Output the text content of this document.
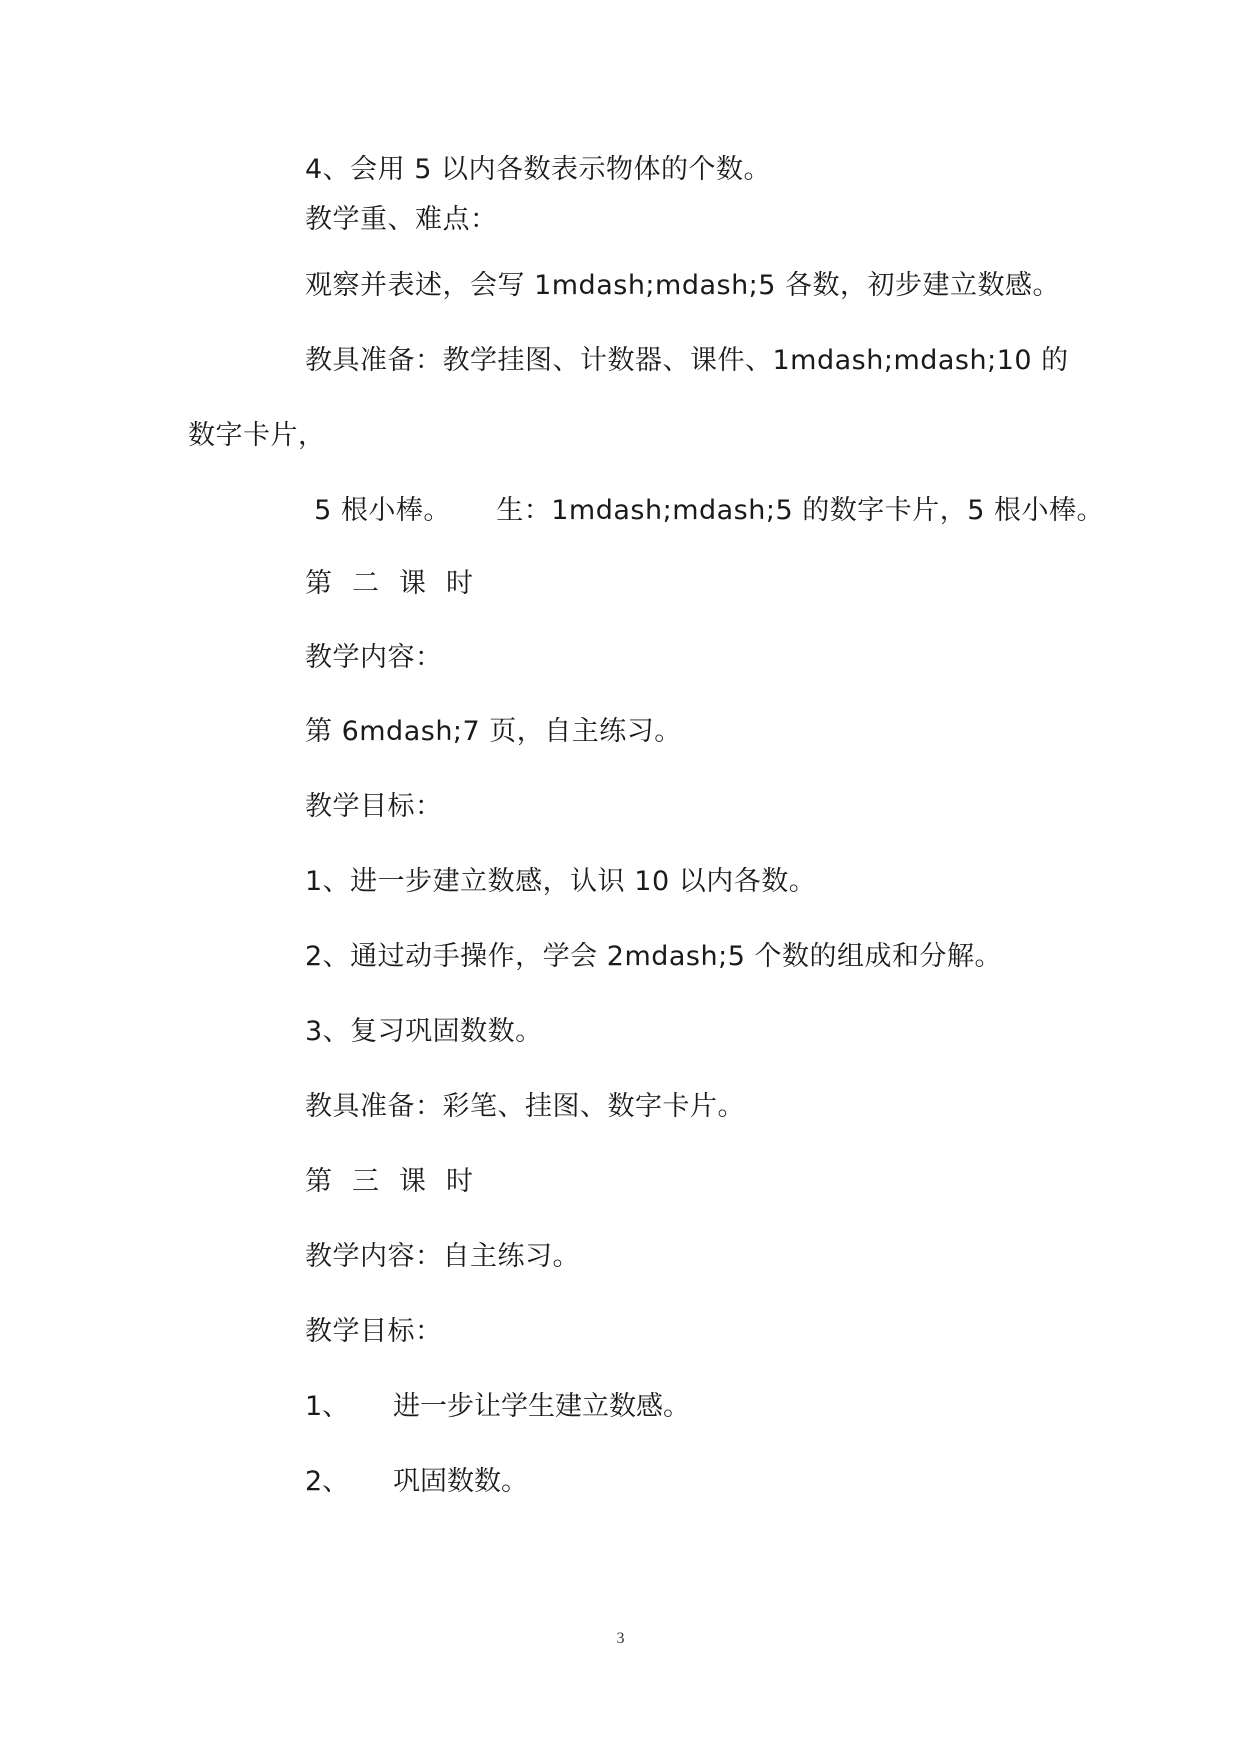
4、会用 5 以内各数表示物体的个数。
教学重、难点：
观察并表述，会写 1mdash;mdash;5 各数，初步建立数感。
教具准备：教学挂图、计数器、课件、1mdash;mdash;10 的
数字卡片，
5 根小棒。     生：1mdash;mdash;5 的数字卡片，5 根小棒。
第二课时
教学内容：
第 6mdash;7 页，自主练习。
教学目标：
1、进一步建立数感，认识 10 以内各数。
2、通过动手操作，学会 2mdash;5 个数的组成和分解。
3、复习巩固数数。
教具准备：彩笔、挂图、数字卡片。
第三课时
教学内容：自主练习。
教学目标：
1、 进一步让学生建立数感。
2、 巩固数数。
3
